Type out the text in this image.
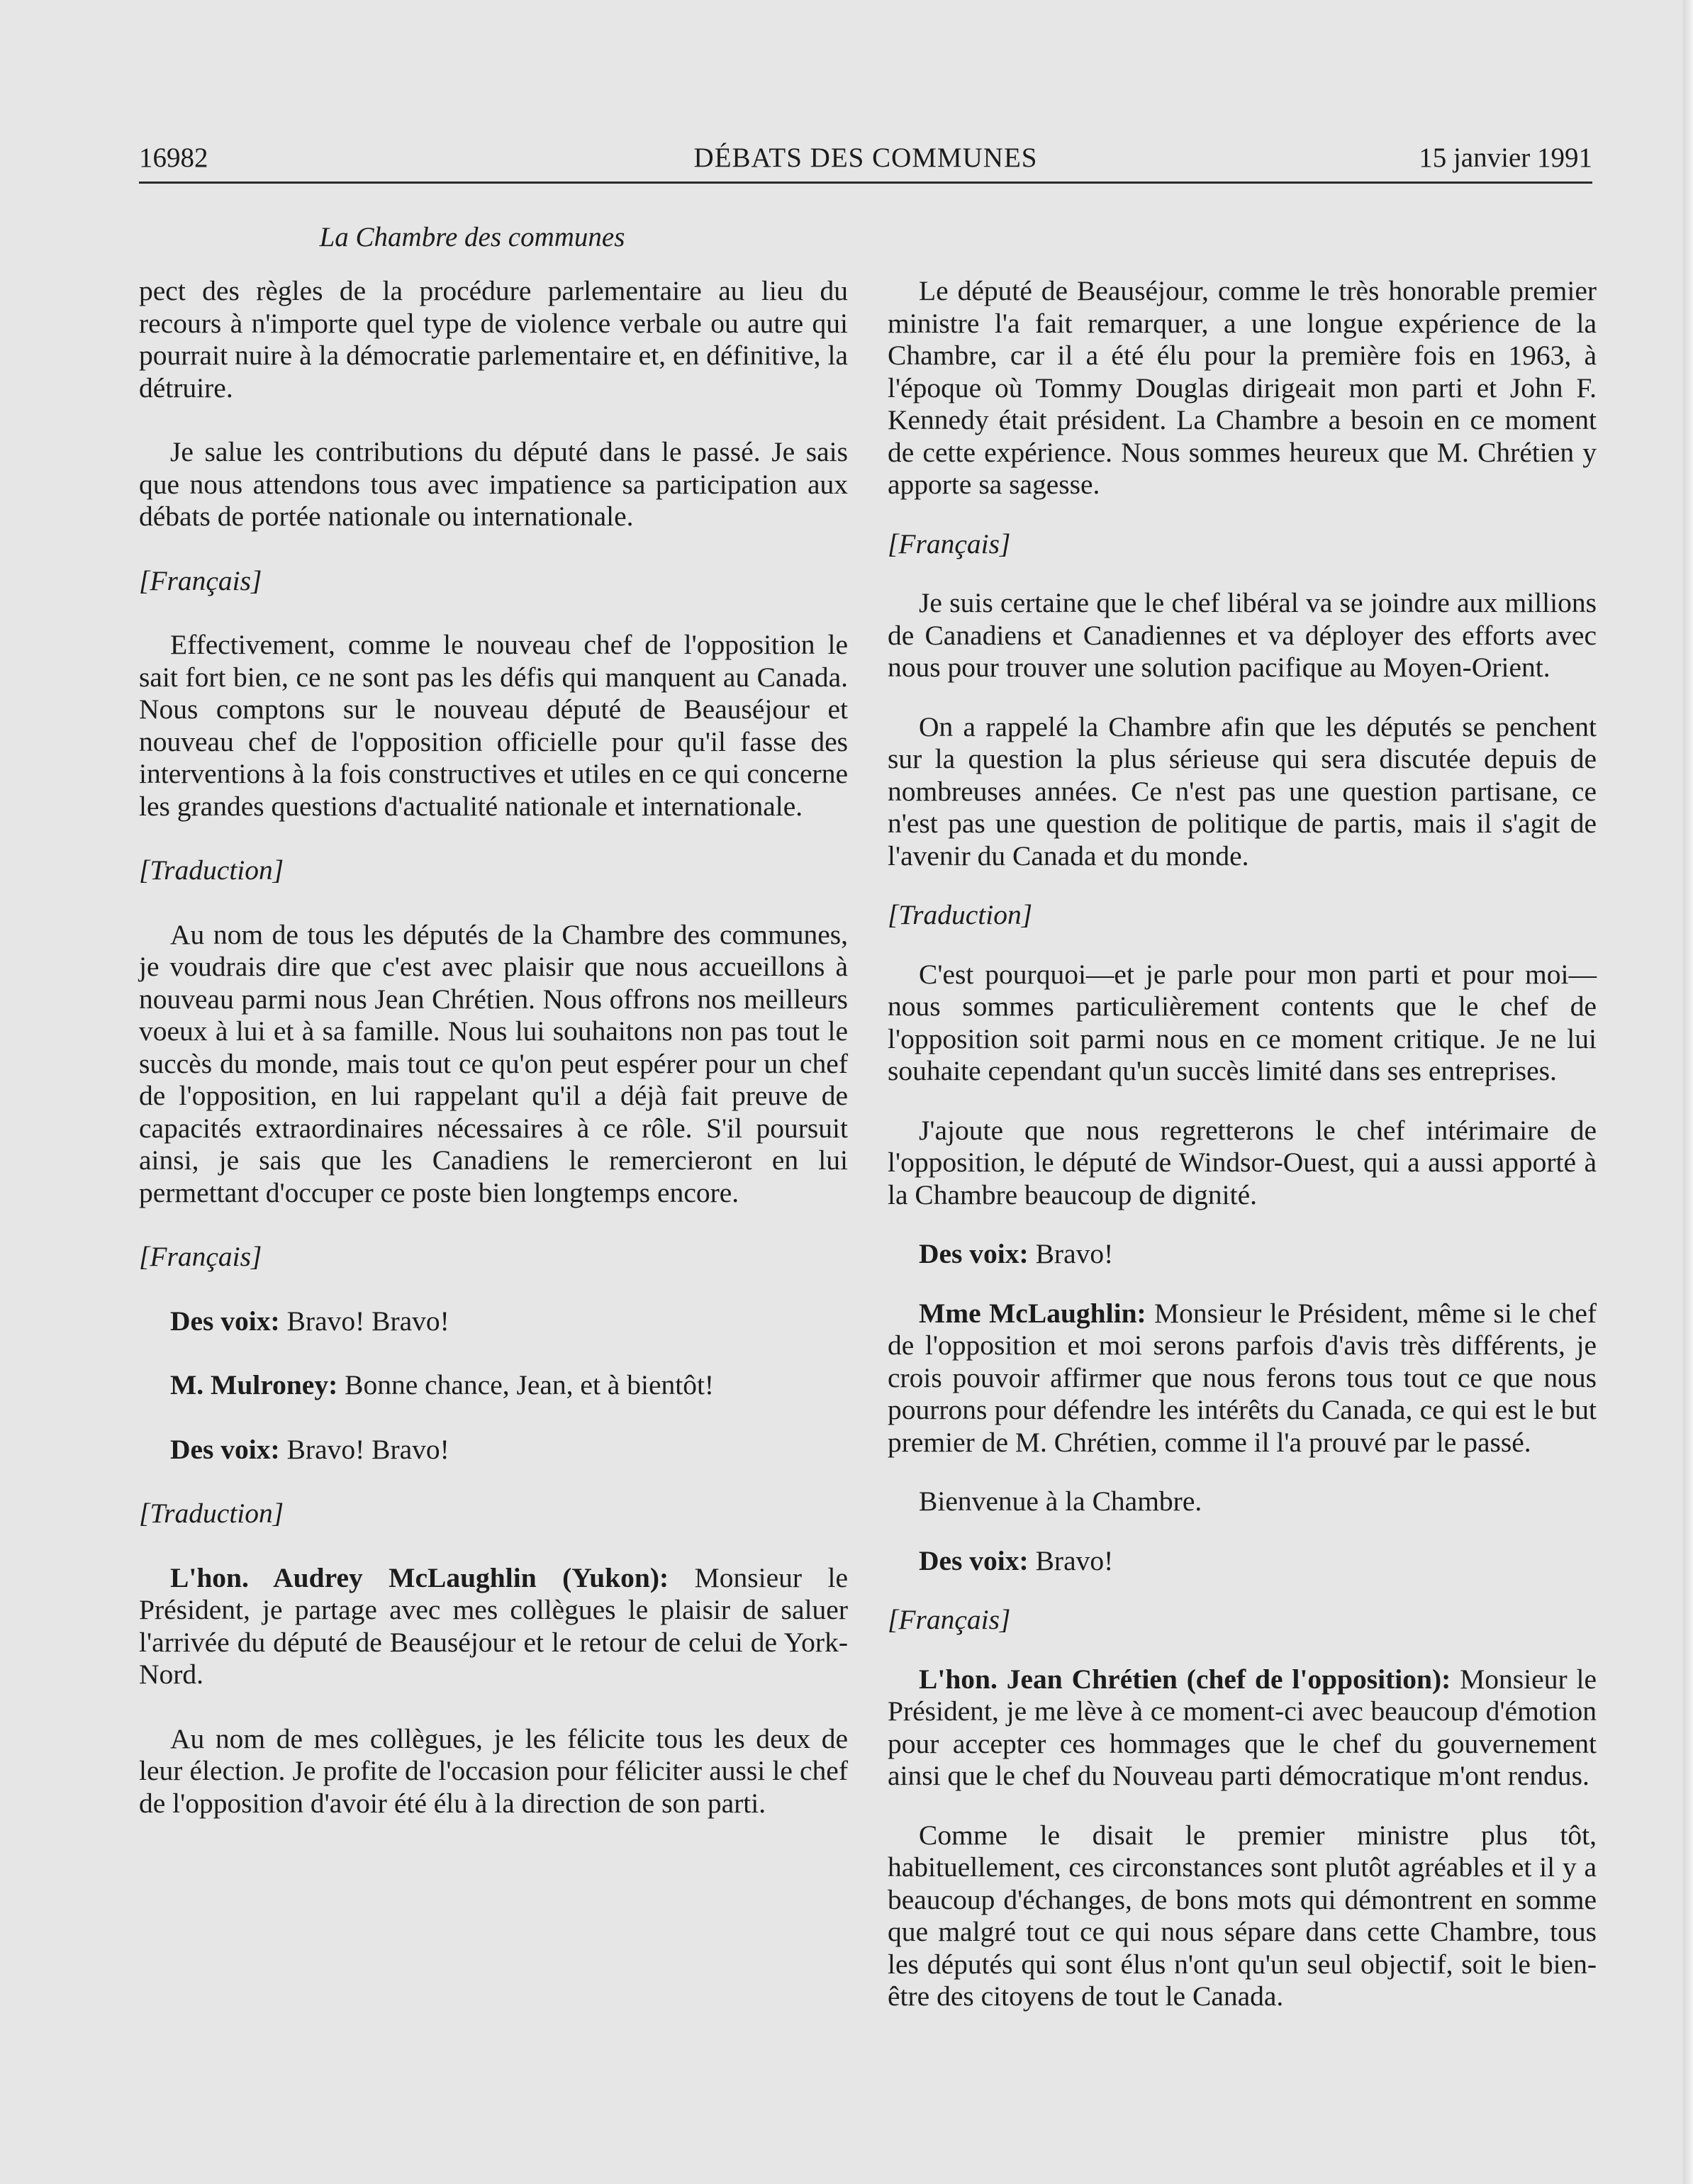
16982	DÉBATS DES COMMUNES	15 janvier 1991
La Chambre des communes

pect des règles de la procédure parlementaire au lieu du recours à n'importe quel type de violence verbale ou autre qui pourrait nuire à la démocratie parlementaire et, en définitive, la détruire.

Je salue les contributions du député dans le passé. Je sais que nous attendons tous avec impatience sa participation aux débats de portée nationale ou internationale.

[Français]

Effectivement, comme le nouveau chef de l'opposition le sait fort bien, ce ne sont pas les défis qui manquent au Canada. Nous comptons sur le nouveau député de Beauséjour et nouveau chef de l'opposition officielle pour qu'il fasse des interventions à la fois constructives et utiles en ce qui concerne les grandes questions d'actualité nationale et internationale.

[Traduction]

Au nom de tous les députés de la Chambre des communes, je voudrais dire que c'est avec plaisir que nous accueillons à nouveau parmi nous Jean Chrétien. Nous offrons nos meilleurs voeux à lui et à sa famille. Nous lui souhaitons non pas tout le succès du monde, mais tout ce qu'on peut espérer pour un chef de l'opposition, en lui rappelant qu'il a déjà fait preuve de capacités extraordinaires nécessaires à ce rôle. S'il poursuit ainsi, je sais que les Canadiens le remercieront en lui permettant d'occuper ce poste bien longtemps encore.

[Français]

Des voix: Bravo! Bravo!

M. Mulroney: Bonne chance, Jean, et à bientôt!

Des voix: Bravo! Bravo!

[Traduction]

L'hon. Audrey McLaughlin (Yukon): Monsieur le Président, je partage avec mes collègues le plaisir de saluer l'arrivée du député de Beauséjour et le retour de celui de York-Nord.

Au nom de mes collègues, je les félicite tous les deux de leur élection. Je profite de l'occasion pour féliciter aussi le chef de l'opposition d'avoir été élu à la direction de son parti.

Le député de Beauséjour, comme le très honorable premier ministre l'a fait remarquer, a une longue expérience de la Chambre, car il a été élu pour la première fois en 1963, à l'époque où Tommy Douglas dirigeait mon parti et John F. Kennedy était président. La Chambre a besoin en ce moment de cette expérience. Nous sommes heureux que M. Chrétien y apporte sa sagesse.

[Français]

Je suis certaine que le chef libéral va se joindre aux millions de Canadiens et Canadiennes et va déployer des efforts avec nous pour trouver une solution pacifique au Moyen-Orient.

On a rappelé la Chambre afin que les députés se penchent sur la question la plus sérieuse qui sera discutée depuis de nombreuses années. Ce n'est pas une question partisane, ce n'est pas une question de politique de partis, mais il s'agit de l'avenir du Canada et du monde.

[Traduction]

C'est pourquoi—et je parle pour mon parti et pour moi—nous sommes particulièrement contents que le chef de l'opposition soit parmi nous en ce moment critique. Je ne lui souhaite cependant qu'un succès limité dans ses entreprises.

J'ajoute que nous regretterons le chef intérimaire de l'opposition, le député de Windsor-Ouest, qui a aussi apporté à la Chambre beaucoup de dignité.

Des voix: Bravo!

Mme McLaughlin: Monsieur le Président, même si le chef de l'opposition et moi serons parfois d'avis très différents, je crois pouvoir affirmer que nous ferons tous tout ce que nous pourrons pour défendre les intérêts du Canada, ce qui est le but premier de M. Chrétien, comme il l'a prouvé par le passé.

Bienvenue à la Chambre.

Des voix: Bravo!

[Français]

L'hon. Jean Chrétien (chef de l'opposition): Monsieur le Président, je me lève à ce moment-ci avec beaucoup d'émotion pour accepter ces hommages que le chef du gouvernement ainsi que le chef du Nouveau parti démocratique m'ont rendus.

Comme le disait le premier ministre plus tôt, habituellement, ces circonstances sont plutôt agréables et il y a beaucoup d'échanges, de bons mots qui démontrent en somme que malgré tout ce qui nous sépare dans cette Chambre, tous les députés qui sont élus n'ont qu'un seul objectif, soit le bien-être des citoyens de tout le Canada.
